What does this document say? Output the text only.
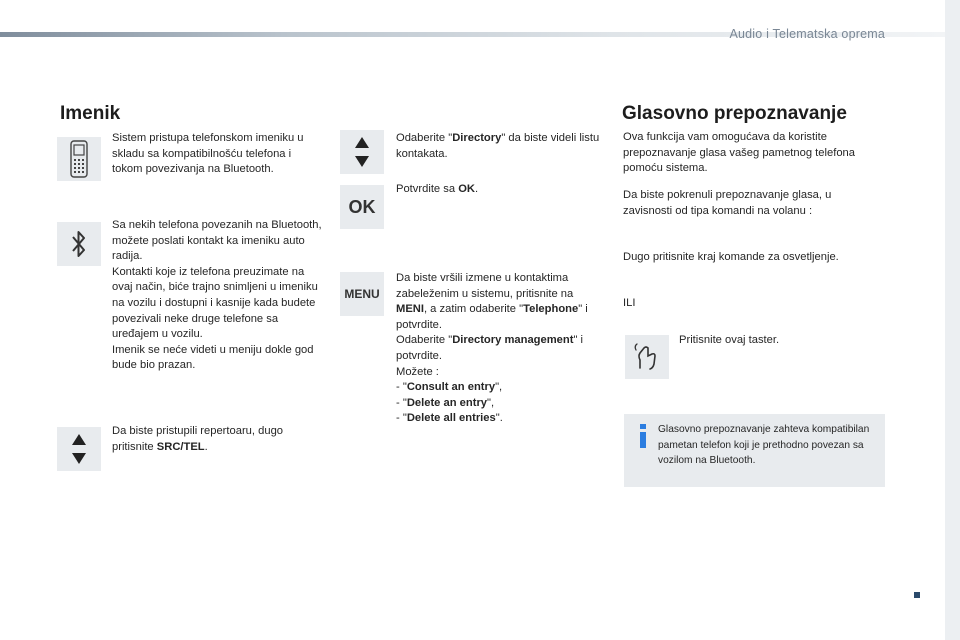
Audio i Telematska oprema
Imenik
Sistem pristupa telefonskom imeniku u skladu sa kompatibilnošću telefona i tokom povezivanja na Bluetooth.
Sa nekih telefona povezanih na Bluetooth, možete poslati kontakt ka imeniku auto radija.
Kontakti koje iz telefona preuzimate na ovaj način, biće trajno snimljeni u imeniku na vozilu i dostupni i kasnije kada budete povezivali neke druge telefone sa uređajem u vozilu.
Imenik se neće videti u meniju dokle god bude bio prazan.
Da biste pristupili repertoaru, dugo pritisnite SRC/TEL.
Odaberite "Directory" da biste videli listu kontakata.
OK
Potvrdite sa OK.
MENU
Da biste vršili izmene u kontaktima zabeleženim u sistemu, pritisnite na MENI, a zatim odaberite "Telephone" i potvrdite.
Odaberite "Directory management" i potvrdite.
Možete :
- "Consult an entry",
- "Delete an entry",
- "Delete all entries".
Glasovno prepoznavanje
Ova funkcija vam omogućava da koristite prepoznavanje glasa vašeg pametnog telefona pomoću sistema.
Da biste pokrenuli prepoznavanje glasa, u zavisnosti od tipa komandi na volanu :
Dugo pritisnite kraj komande za osvetljenje.
ILI
Pritisnite ovaj taster.
Glasovno prepoznavanje zahteva kompatibilan pametan telefon koji je prethodno povezan sa vozilom na Bluetooth.
